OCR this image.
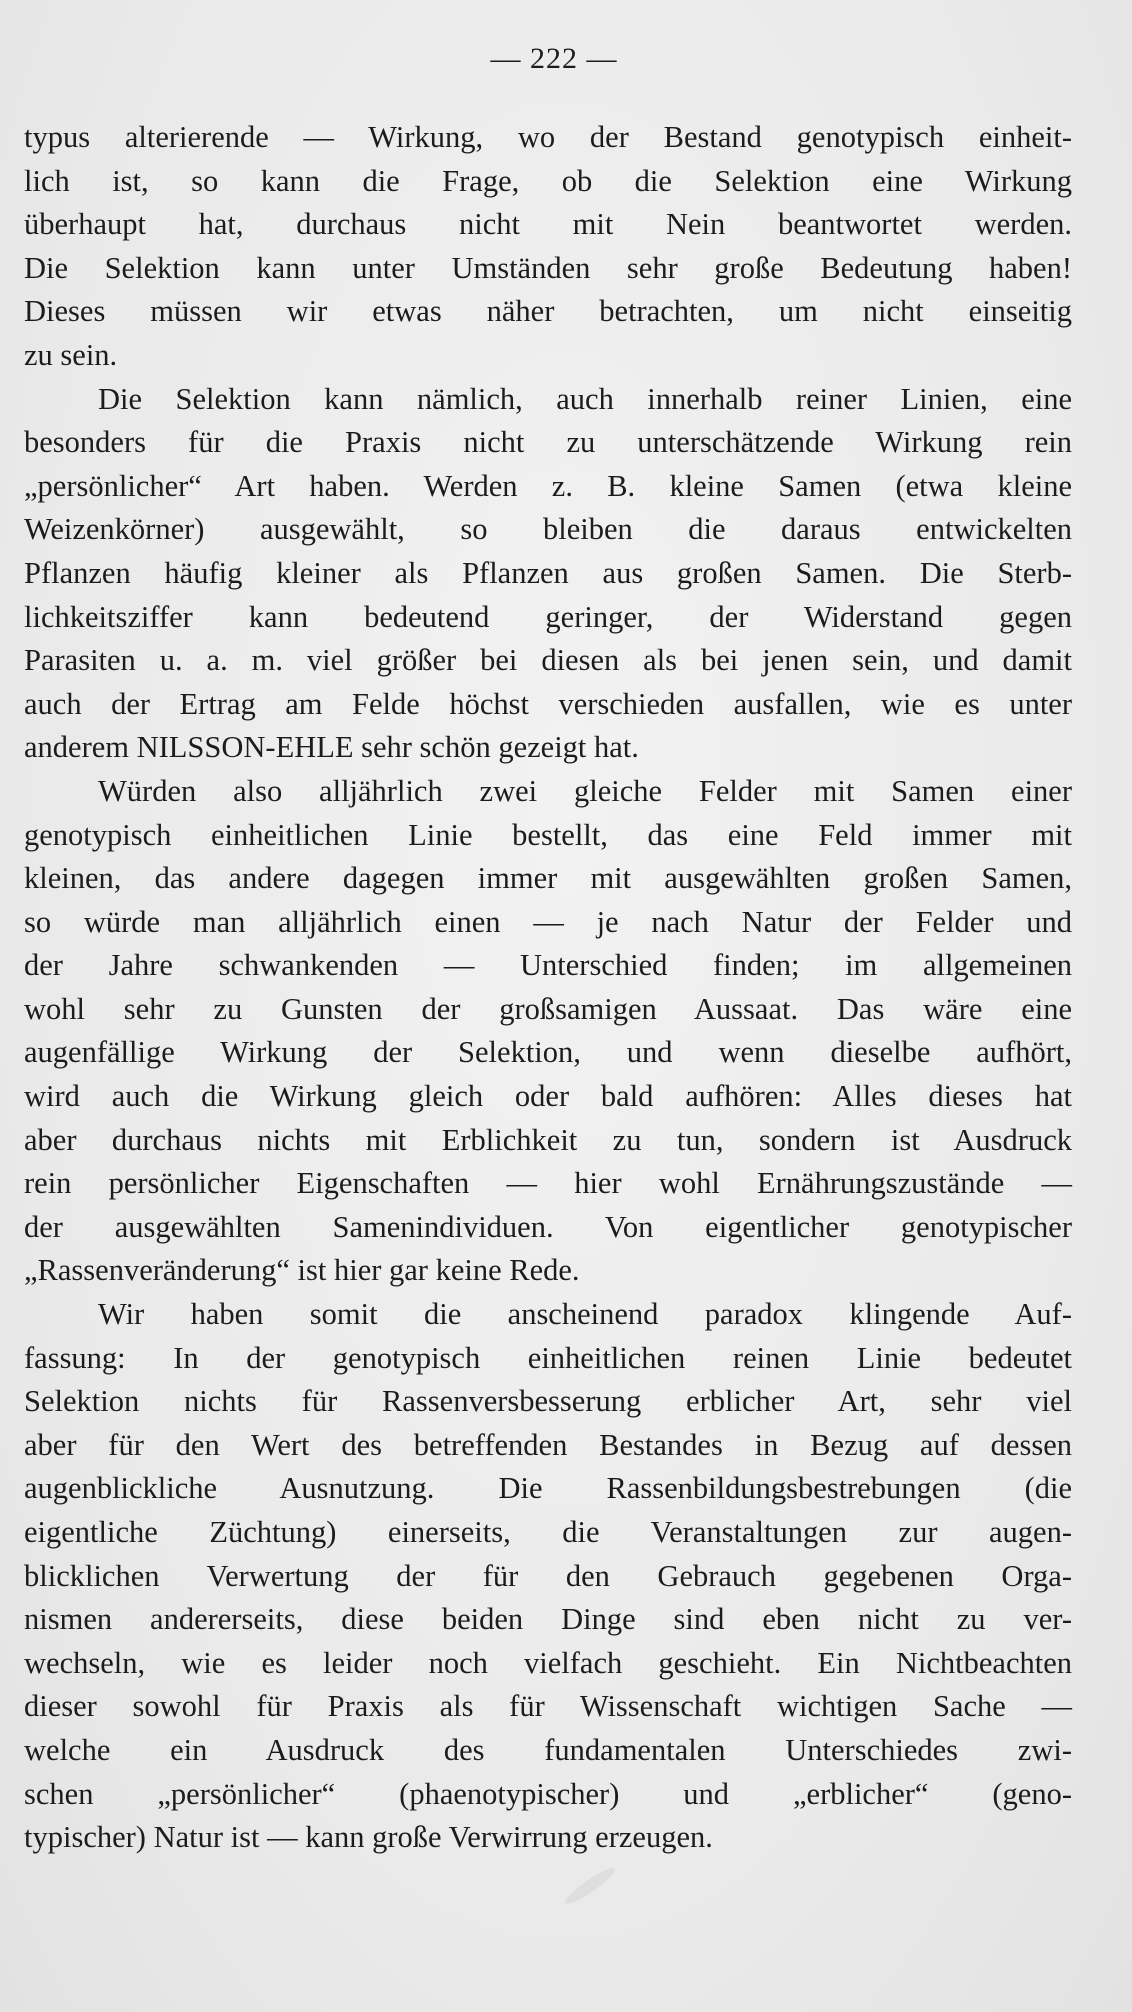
— 222 —
typus alterierende — Wirkung, wo der Bestand genotypisch einheit-
lich ist, so kann die Frage, ob die Selektion eine Wirkung
überhaupt hat, durchaus nicht mit Nein beantwortet werden.
Die Selektion kann unter Umständen sehr große Bedeutung haben!
Dieses müssen wir etwas näher betrachten, um nicht einseitig
zu sein.
Die Selektion kann nämlich, auch innerhalb reiner Linien, eine
besonders für die Praxis nicht zu unterschätzende Wirkung rein
„persönlicher“ Art haben. Werden z. B. kleine Samen (etwa kleine
Weizenkörner) ausgewählt, so bleiben die daraus entwickelten
Pflanzen häufig kleiner als Pflanzen aus großen Samen. Die Sterb-
lichkeitsziffer kann bedeutend geringer, der Widerstand gegen
Parasiten u. a. m. viel größer bei diesen als bei jenen sein, und damit
auch der Ertrag am Felde höchst verschieden ausfallen, wie es unter
anderem NILSSON-EHLE sehr schön gezeigt hat.
Würden also alljährlich zwei gleiche Felder mit Samen einer
genotypisch einheitlichen Linie bestellt, das eine Feld immer mit
kleinen, das andere dagegen immer mit ausgewählten großen Samen,
so würde man alljährlich einen — je nach Natur der Felder und
der Jahre schwankenden — Unterschied finden; im allgemeinen
wohl sehr zu Gunsten der großsamigen Aussaat. Das wäre eine
augenfällige Wirkung der Selektion, und wenn dieselbe aufhört,
wird auch die Wirkung gleich oder bald aufhören: Alles dieses hat
aber durchaus nichts mit Erblichkeit zu tun, sondern ist Ausdruck
rein persönlicher Eigenschaften — hier wohl Ernährungszustände —
der ausgewählten Samenindividuen. Von eigentlicher genotypischer
„Rassenveränderung“ ist hier gar keine Rede.
Wir haben somit die anscheinend paradox klingende Auf-
fassung: In der genotypisch einheitlichen reinen Linie bedeutet
Selektion nichts für Rassenversbesserung erblicher Art, sehr viel
aber für den Wert des betreffenden Bestandes in Bezug auf dessen
augenblickliche Ausnutzung. Die Rassenbildungsbestrebungen (die
eigentliche Züchtung) einerseits, die Veranstaltungen zur augen-
blicklichen Verwertung der für den Gebrauch gegebenen Orga-
nismen andererseits, diese beiden Dinge sind eben nicht zu ver-
wechseln, wie es leider noch vielfach geschieht. Ein Nichtbeachten
dieser sowohl für Praxis als für Wissenschaft wichtigen Sache —
welche ein Ausdruck des fundamentalen Unterschiedes zwi-
schen „persönlicher“ (phaenotypischer) und „erblicher“ (geno-
typischer) Natur ist — kann große Verwirrung erzeugen.
